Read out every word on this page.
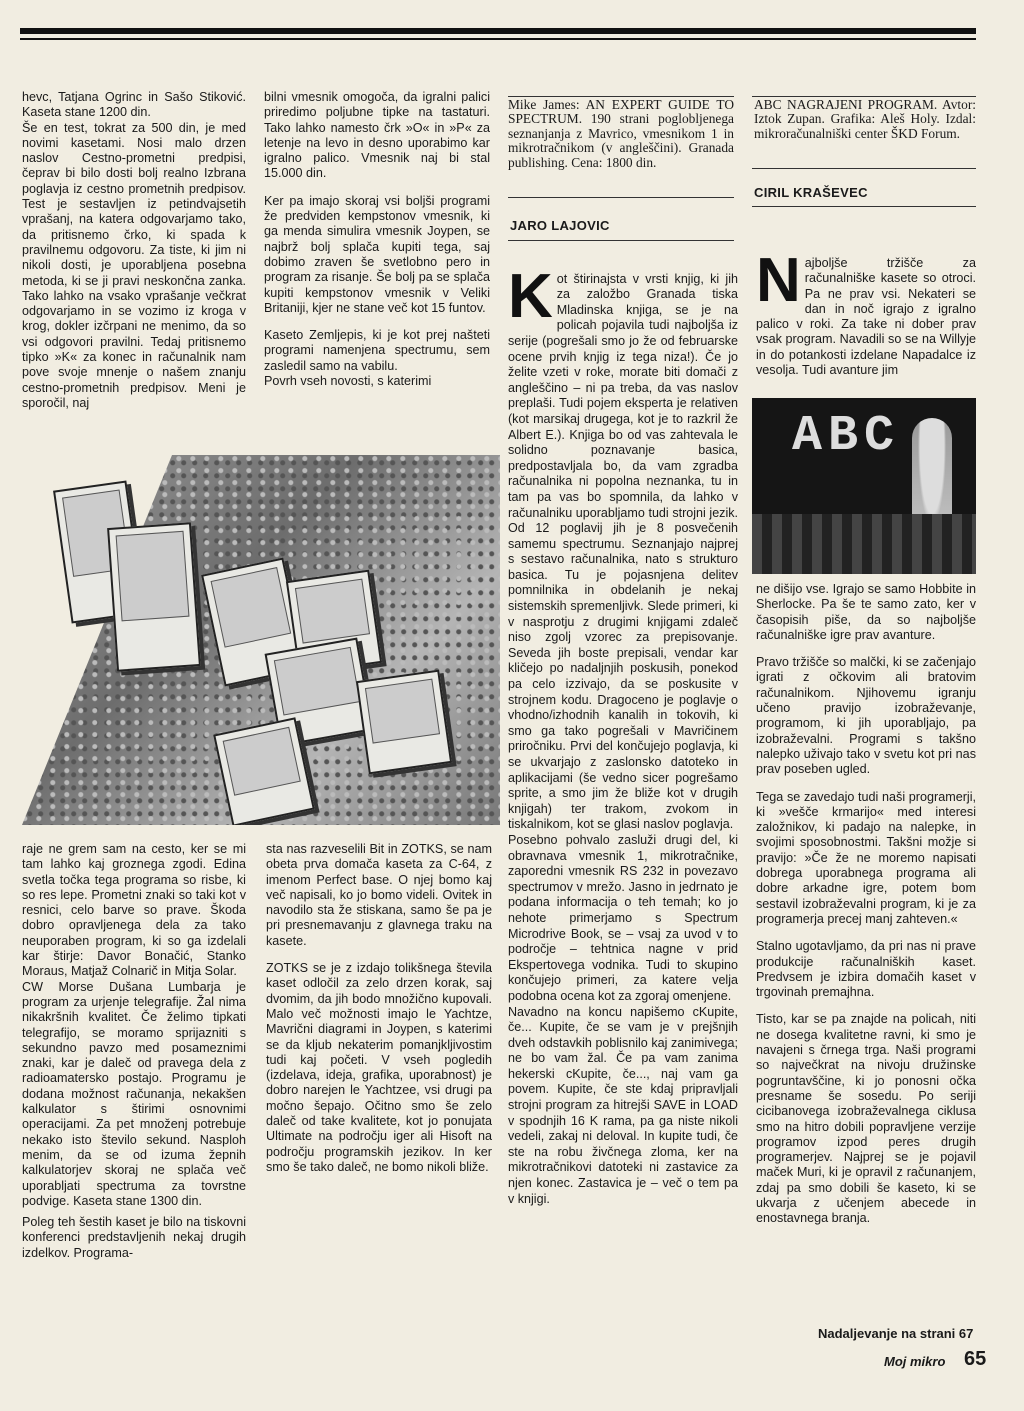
hevc, Tatjana Ogrinc in Sašo Stiković. Kaseta stane 1200 din.
Še en test, tokrat za 500 din, je med novimi kasetami. Nosi malo drzen naslov Cestno-prometni predpisi, čeprav bi bilo dosti bolj realno Izbrana poglavja iz cestno prometnih predpisov. Test je sestavljen iz petindvajsetih vprašanj, na katera odgovarjamo tako, da pritisnemo črko, ki spada k pravilnemu odgovoru. Za tiste, ki jim ni nikoli dosti, je uporabljena posebna metoda, ki se ji pravi neskončna zanka. Tako lahko na vsako vprašanje večkrat odgovarjamo in se vozimo iz kroga v krog, dokler izčrpani ne menimo, da so vsi odgovori pravilni. Tedaj pritisnemo tipko »K« za konec in računalnik nam pove svoje mnenje o našem znanju cestno-prometnih predpisov. Meni je sporočil, naj

bilni vmesnik omogoča, da igralni palici priredimo poljubne tipke na tastaturi. Tako lahko namesto črk »O« in »P« za letenje na levo in desno uporabimo kar igralno palico. Vmesnik naj bi stal 15.000 din.

Ker pa imajo skoraj vsi boljši programi že predviden kempstonov vmesnik, ki ga menda simulira vmesnik Joypen, se najbrž bolj splača kupiti tega, saj dobimo zraven še svetlobno pero in program za risanje. Še bolj pa se splača kupiti kempstonov vmesnik v Veliki Britaniji, kjer ne stane več kot 15 funtov.

Kaseto Zemljepis, ki je kot prej našteti programi namenjena spectrumu, sem zasledil samo na vabilu.
Povrh vseh novosti, s katerimi

raje ne grem sam na cesto, ker se mi tam lahko kaj groznega zgodi. Edina svetla točka tega programa so risbe, ki so res lepe. Prometni znaki so taki kot v resnici, celo barve so prave. Škoda dobro opravljenega dela za tako neuporaben program, ki so ga izdelali kar štirje: Davor Bonačić, Stanko Moraus, Matjaž Colnarič in Mitja Solar.
CW Morse Dušana Lumbarja je program za urjenje telegrafije. Žal nima nikakršnih kvalitet. Če želimo tipkati telegrafijo, se moramo sprijazniti s sekundno pavzo med posameznimi znaki, kar je daleč od pravega dela z radioamatersko postajo. Programu je dodana možnost računanja, nekakšen kalkulator s štirimi osnovnimi operacijami. Za pet množenj potrebuje nekako isto število sekund. Nasploh menim, da se od izuma žepnih kalkulatorjev skoraj ne splača več uporabljati spectruma za tovrstne podvige. Kaseta stane 1300 din.

Poleg teh šestih kaset je bilo na tiskovni konferenci predstavljenih nekaj drugih izdelkov. Programa-

sta nas razveselili Bit in ZOTKS, se nam obeta prva domača kaseta za C-64, z imenom Perfect base. O njej bomo kaj več napisali, ko jo bomo videli. Ovitek in navodilo sta že stiskana, samo še pa je pri presnemavanju z glavnega traku na kasete.

ZOTKS se je z izdajo tolikšnega števila kaset odločil za zelo drzen korak, saj dvomim, da jih bodo množično kupovali. Malo več možnosti imajo le Yachtze, Mavrični diagrami in Joypen, s katerimi se da kljub nekaterim pomanjkljivostim tudi kaj početi. V vseh pogledih (izdelava, ideja, grafika, uporabnost) je dobro narejen le Yachtzee, vsi drugi pa močno šepajo. Očitno smo še zelo daleč od take kvalitete, kot jo ponujata Ultimate na področju iger ali Hisoft na področju programskih jezikov. In ker smo še tako daleč, ne bomo nikoli bliže.

Mike James: AN EXPERT GUIDE TO SPECTRUM. 190 strani poglobljenega seznanjanja z Mavrico, vmesnikom 1 in mikrotračnikom (v angleščini). Granada publishing. Cena: 1800 din.
JARO LAJOVIC

Kot štirinajsta v vrsti knjig, ki jih za založbo Granada tiska Mladinska knjiga, se je na policah pojavila tudi najboljša iz serije (pogrešali smo jo že od februarske ocene prvih knjig iz tega niza!). Če jo želite vzeti v roke, morate biti domači z angleščino – ni pa treba, da vas naslov preplaši. Tudi pojem eksperta je relativen (kot marsikaj drugega, kot je to razkril že Albert E.). Knjiga bo od vas zahtevala le solidno poznavanje basica, predpostavljala bo, da vam zgradba računalnika ni popolna neznanka, tu in tam pa vas bo spomnila, da lahko v računalniku uporabljamo tudi strojni jezik. Od 12 poglavij jih je 8 posvečenih samemu spectrumu. Seznanjajo najprej s sestavo računalnika, nato s strukturo basica. Tu je pojasnjena delitev pomnilnika in obdelanih je nekaj sistemskih spremenljivk. Slede primeri, ki v nasprotju z drugimi knjigami zdaleč niso zgolj vzorec za prepisovanje. Seveda jih boste prepisali, vendar kar kličejo po nadaljnjih poskusih, ponekod pa celo izzivajo, da se poskusite v strojnem kodu. Dragoceno je poglavje o vhodno/izhodnih kanalih in tokovih, ki smo ga tako pogrešali v Mavričinem priročniku. Prvi del končujejo poglavja, ki se ukvarjajo z zaslonsko datoteko in aplikacijami (še vedno sicer pogrešamo sprite, a smo jim že bliže kot v drugih knjigah) ter trakom, zvokom in tiskalnikom, kot se glasi naslov poglavja.
Posebno pohvalo zasluži drugi del, ki obravnava vmesnik 1, mikrotračnike, zaporedni vmesnik RS 232 in povezavo spectrumov v mrežo. Jasno in jedrnato je podana informacija o teh temah; ko jo nehote primerjamo s Spectrum Microdrive Book, se – vsaj za uvod v to področje – tehtnica nagne v prid Ekspertovega vodnika. Tudi to skupino končujejo primeri, za katere velja podobna ocena kot za zgoraj omenjene.
Navadno na koncu napišemo cKupite, če... Kupite, če se vam je v prejšnjih dveh odstavkih poblisnilo kaj zanimivega; ne bo vam žal. Če pa vam zanima hekerski cKupite, če..., naj vam ga povem. Kupite, če ste kdaj pripravljali strojni program za hitrejši SAVE in LOAD v spodnjih 16 K rama, pa ga niste nikoli vedeli, zakaj ni deloval. In kupite tudi, če ste na robu živčnega zloma, ker na mikrotračnikovi datoteki ni zastavice za njen konec. Zastavica je – več o tem pa v knjigi.

ABC NAGRAJENI PROGRAM. Avtor: Iztok Zupan. Grafika: Aleš Holy. Izdal: mikroračunalniški center ŠKD Forum.
CIRIL KRAŠEVEC
Najboljše tržišče za računalniške kasete so otroci. Pa ne prav vsi. Nekateri se dan in noč igrajo z igralno palico v roki. Za take ni dober prav vsak program. Navadili so se na Willyje in do potankosti izdelane Napadalce iz vesolja. Tudi avanture jim
ABC

ne dišijo vse. Igrajo se samo Hobbite in Sherlocke. Pa še te samo zato, ker v časopisih piše, da so najboljše računalniške igre prav avanture.

Pravo tržišče so malčki, ki se začenjajo igrati z očkovim ali bratovim računalnikom. Njihovemu igranju učeno pravijo izobraževanje, programom, ki jih uporabljajo, pa izobraževalni. Programi s takšno nalepko uživajo tako v svetu kot pri nas prav poseben ugled.

Tega se zavedajo tudi naši programerji, ki »vešče krmarijo« med interesi založnikov, ki padajo na nalepke, in svojimi sposobnostmi. Takšni možje si pravijo: »Če že ne moremo napisati dobrega uporabnega programa ali dobre arkadne igre, potem bom sestavil izobraževalni program, ki je za programerja precej manj zahteven.«

Stalno ugotavljamo, da pri nas ni prave produkcije računalniških kaset. Predvsem je izbira domačih kaset v trgovinah premajhna.

Tisto, kar se pa znajde na policah, niti ne dosega kvalitetne ravni, ki smo je navajeni s črnega trga. Naši programi so največkrat na nivoju družinske pogruntavščine, ki jo ponosni očka presname še sosedu. Po seriji cicibanovega izobraževalnega ciklusa smo na hitro dobili popravljene verzije programov izpod peres drugih programerjev. Najprej se je pojavil maček Muri, ki je opravil z računanjem, zdaj pa smo dobili še kaseto, ki se ukvarja z učenjem abecede in enostavnega branja.

Nadaljevanje na strani 67
Moj mikro 65
